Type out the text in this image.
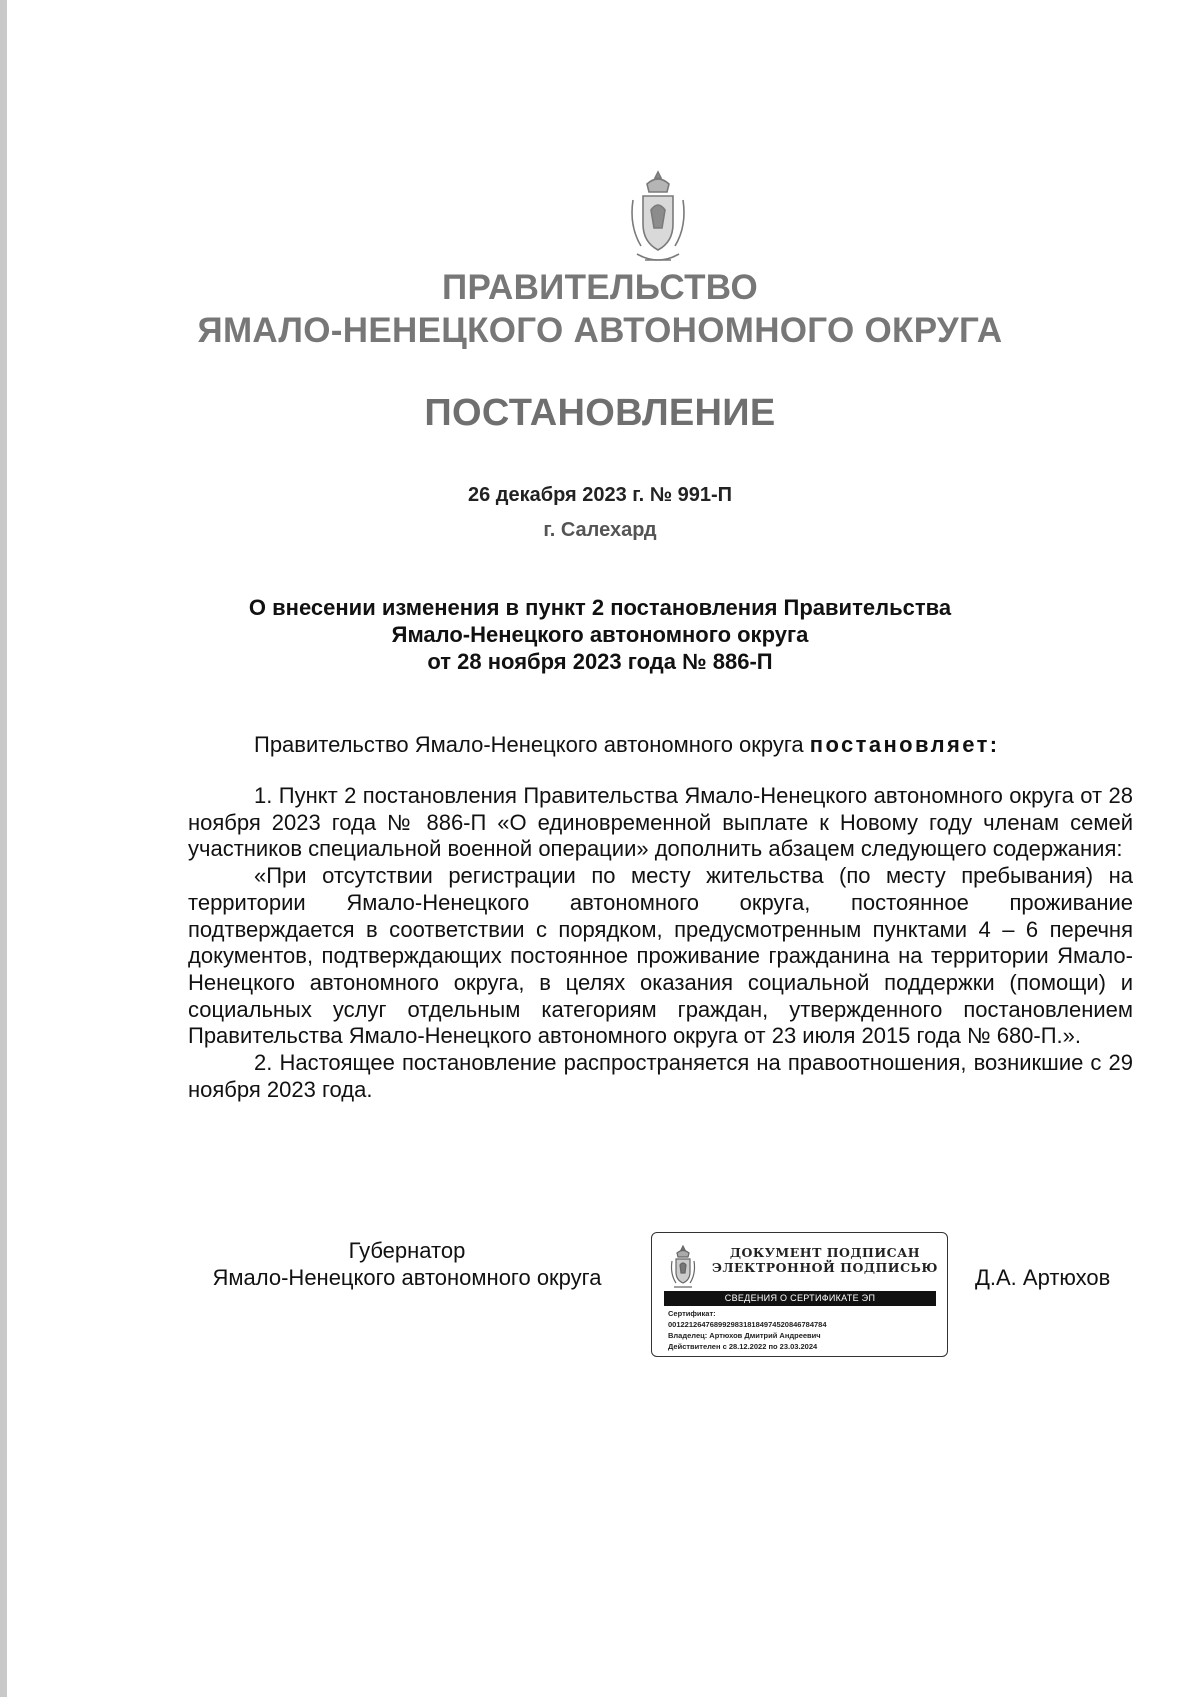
ПРАВИТЕЛЬСТВО
ЯМАЛО-НЕНЕЦКОГО АВТОНОМНОГО ОКРУГА
ПОСТАНОВЛЕНИЕ
26 декабря 2023 г. № 991-П
г. Салехард
О внесении изменения в пункт 2 постановления Правительства
Ямало-Ненецкого автономного округа
от 28 ноября 2023 года № 886-П
Правительство Ямало-Ненецкого автономного округа постановляет:

1. Пункт 2 постановления Правительства Ямало-Ненецкого автономного округа от 28 ноября 2023 года № 886-П «О единовременной выплате к Новому году членам семей участников специальной военной операции» дополнить абзацем следующего содержания:

«При отсутствии регистрации по месту жительства (по месту пребывания) на территории Ямало-Ненецкого автономного округа, постоянное проживание подтверждается в соответствии с порядком, предусмотренным пунктами 4 – 6 перечня документов, подтверждающих постоянное проживание гражданина на территории Ямало-Ненецкого автономного округа, в целях оказания социальной поддержки (помощи) и социальных услуг отдельным категориям граждан, утвержденного постановлением Правительства Ямало-Ненецкого автономного округа от 23 июля 2015 года № 680-П.».

2. Настоящее постановление распространяется на правоотношения, возникшие с 29 ноября 2023 года.

Губернатор
Ямало-Ненецкого автономного округа
ДОКУМЕНТ ПОДПИСАН
ЭЛЕКТРОННОЙ ПОДПИСЬЮ
СВЕДЕНИЯ О СЕРТИФИКАТЕ ЭП
Сертификат:
00122126476899298318184974520846784784
Владелец: Артюхов Дмитрий Андреевич
Действителен с 28.12.2022 по 23.03.2024
Д.А. Артюхов
